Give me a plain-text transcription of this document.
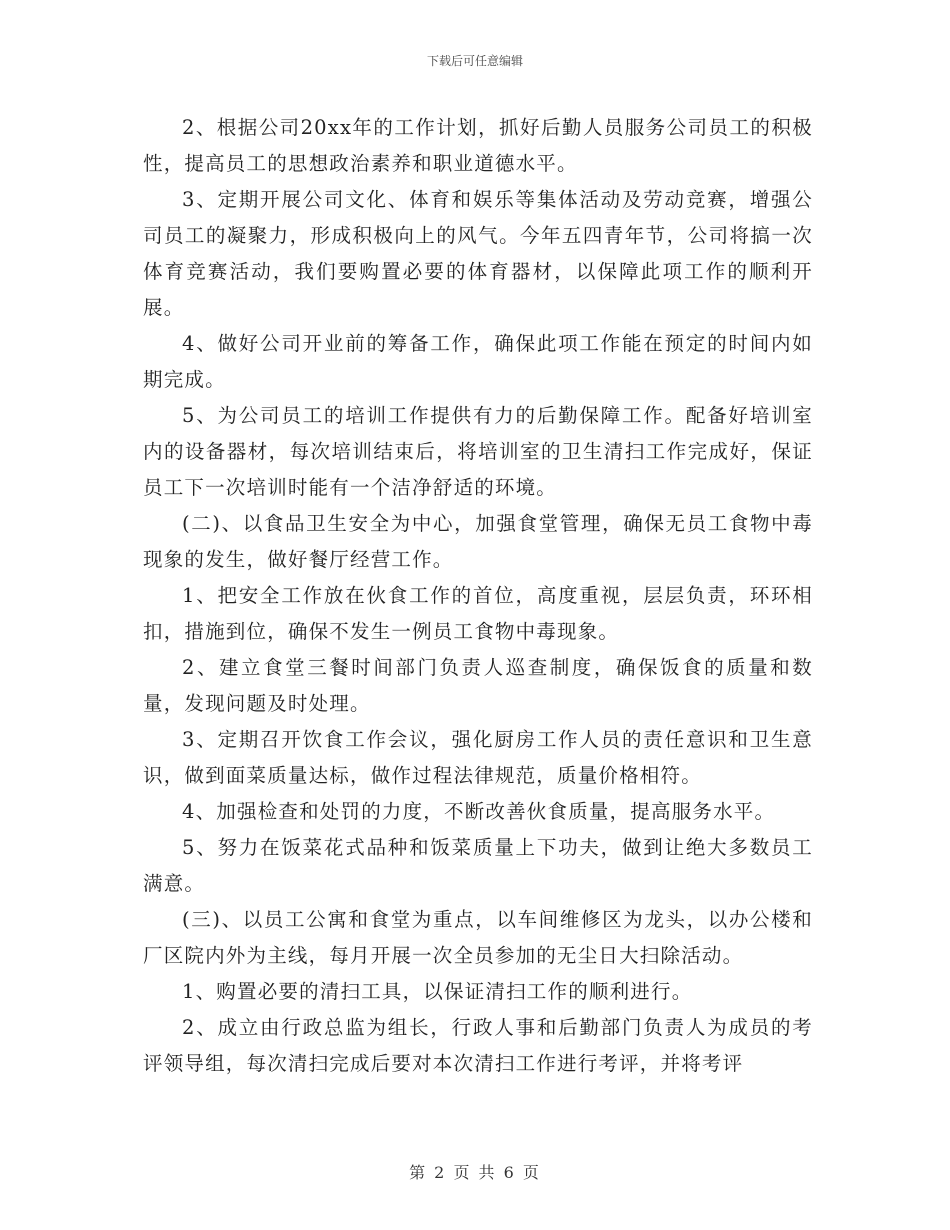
下载后可任意编辑

2、根据公司20xx年的工作计划，抓好后勤人员服务公司员工的积极性，提高员工的思想政治素养和职业道德水平。

3、定期开展公司文化、体育和娱乐等集体活动及劳动竞赛，增强公司员工的凝聚力，形成积极向上的风气。今年五四青年节，公司将搞一次体育竞赛活动，我们要购置必要的体育器材，以保障此项工作的顺利开展。

4、做好公司开业前的筹备工作，确保此项工作能在预定的时间内如期完成。

5、为公司员工的培训工作提供有力的后勤保障工作。配备好培训室内的设备器材，每次培训结束后，将培训室的卫生清扫工作完成好，保证员工下一次培训时能有一个洁净舒适的环境。

(二)、以食品卫生安全为中心，加强食堂管理，确保无员工食物中毒现象的发生，做好餐厅经营工作。

1、把安全工作放在伙食工作的首位，高度重视，层层负责，环环相扣，措施到位，确保不发生一例员工食物中毒现象。

2、建立食堂三餐时间部门负责人巡查制度，确保饭食的质量和数量，发现问题及时处理。

3、定期召开饮食工作会议，强化厨房工作人员的责任意识和卫生意识，做到面菜质量达标，做作过程法律规范，质量价格相符。

4、加强检查和处罚的力度，不断改善伙食质量，提高服务水平。

5、努力在饭菜花式品种和饭菜质量上下功夫，做到让绝大多数员工满意。

(三)、以员工公寓和食堂为重点，以车间维修区为龙头，以办公楼和厂区院内外为主线，每月开展一次全员参加的无尘日大扫除活动。

1、购置必要的清扫工具，以保证清扫工作的顺利进行。

2、成立由行政总监为组长，行政人事和后勤部门负责人为成员的考评领导组，每次清扫完成后要对本次清扫工作进行考评，并将考评

第 2 页 共 6 页
